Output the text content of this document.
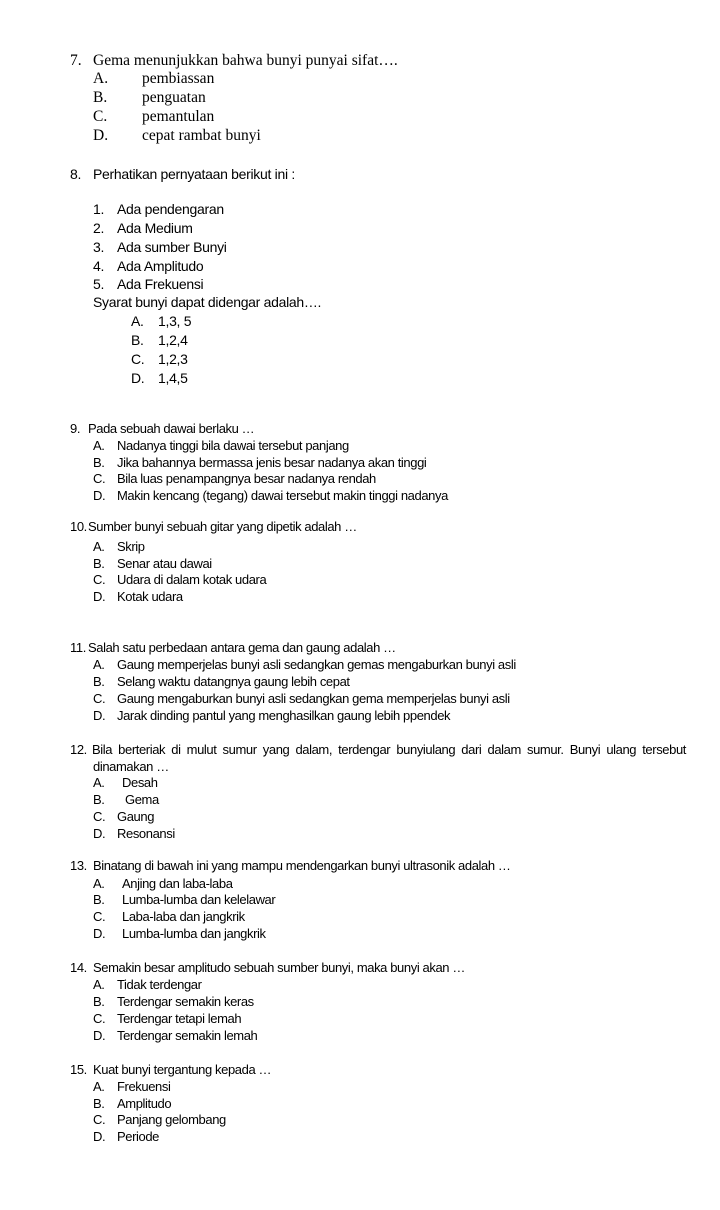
7. Gema menunjukkan bahwa bunyi punyai sifat….
A. pembiassan
B. penguatan
C. pemantulan
D. cepat rambat bunyi
8. Perhatikan pernyataan berikut ini :
1. Ada pendengaran
2. Ada Medium
3. Ada sumber Bunyi
4. Ada Amplitudo
5. Ada Frekuensi
Syarat bunyi dapat didengar adalah….
A. 1,3, 5
B. 1,2,4
C. 1,2,3
D. 1,4,5
9. Pada sebuah dawai berlaku …
A. Nadanya tinggi bila dawai tersebut panjang
B. Jika bahannya bermassa jenis besar nadanya akan tinggi
C. Bila luas penampangnya besar nadanya rendah
D. Makin kencang (tegang) dawai tersebut makin tinggi nadanya
10. Sumber bunyi sebuah gitar yang dipetik adalah …
A. Skrip
B. Senar atau dawai
C. Udara di dalam kotak udara
D. Kotak udara
11. Salah satu perbedaan antara gema dan gaung adalah …
A. Gaung memperjelas bunyi asli sedangkan gemas mengaburkan bunyi asli
B. Selang waktu datangnya gaung lebih cepat
C. Gaung mengaburkan bunyi asli sedangkan gema memperjelas bunyi asli
D. Jarak dinding pantul yang menghasilkan gaung lebih ppendek
12. Bila berteriak di mulut sumur yang dalam, terdengar bunyiulang dari dalam sumur. Bunyi ulang tersebut
dinamakan …
A. Desah
B. Gema
C. Gaung
D. Resonansi
13. Binatang di bawah ini yang mampu mendengarkan bunyi ultrasonik adalah …
A. Anjing dan laba-laba
B. Lumba-lumba dan kelelawar
C. Laba-laba dan jangkrik
D. Lumba-lumba dan jangkrik
14. Semakin besar amplitudo sebuah sumber bunyi, maka bunyi akan …
A. Tidak terdengar
B. Terdengar semakin keras
C. Terdengar tetapi lemah
D. Terdengar semakin lemah
15. Kuat bunyi tergantung kepada …
A. Frekuensi
B. Amplitudo
C. Panjang gelombang
D. Periode
